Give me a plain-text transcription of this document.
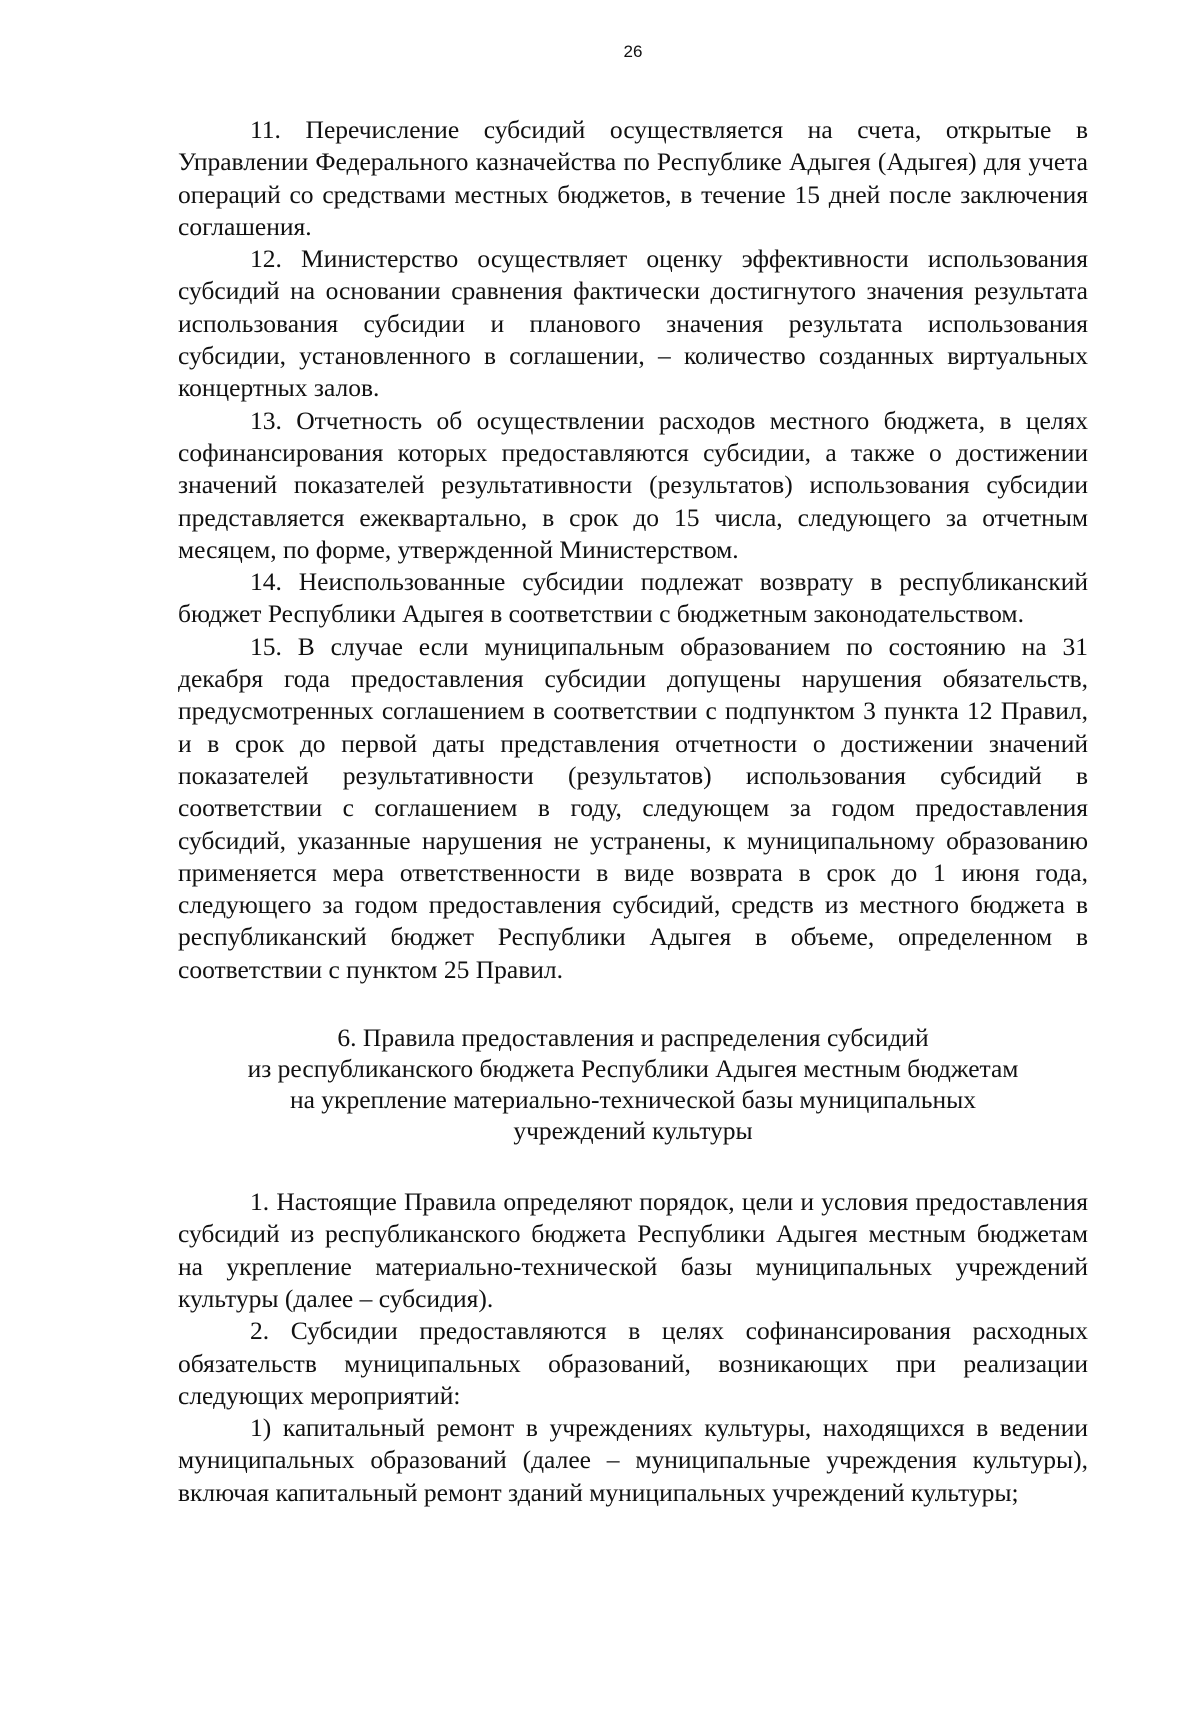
26

11. Перечисление субсидий осуществляется на счета, открытые в Управлении Федерального казначейства по Республике Адыгея (Адыгея) для учета операций со средствами местных бюджетов, в течение 15 дней после заключения соглашения.

12. Министерство осуществляет оценку эффективности использования субсидий на основании сравнения фактически достигнутого значения результата использования субсидии и планового значения результата использования субсидии, установленного в соглашении, – количество созданных виртуальных концертных залов.

13. Отчетность об осуществлении расходов местного бюджета, в целях софинансирования которых предоставляются субсидии, а также о достижении значений показателей результативности (результатов) использования субсидии представляется ежеквартально, в срок до 15 числа, следующего за отчетным месяцем, по форме, утвержденной Министерством.

14. Неиспользованные субсидии подлежат возврату в республиканский бюджет Республики Адыгея в соответствии с бюджетным законодательством.

15. В случае если муниципальным образованием по состоянию на 31 декабря года предоставления субсидии допущены нарушения обязательств, предусмотренных соглашением в соответствии с подпунктом 3 пункта 12 Правил, и в срок до первой даты представления отчетности о достижении значений показателей результативности (результатов) использования субсидий в соответствии с соглашением в году, следующем за годом предоставления субсидий, указанные нарушения не устранены, к муниципальному образованию применяется мера ответственности в виде возврата в срок до 1 июня года, следующего за годом предоставления субсидий, средств из местного бюджета в республиканский бюджет Республики Адыгея в объеме, определенном в соответствии с пунктом 25 Правил.

6. Правила предоставления и распределения субсидий
из республиканского бюджета Республики Адыгея местным бюджетам
на укрепление материально-технической базы муниципальных
учреждений культуры

1. Настоящие Правила определяют порядок, цели и условия предоставления субсидий из республиканского бюджета Республики Адыгея местным бюджетам на укрепление материально-технической базы муниципальных учреждений культуры (далее – субсидия).

2. Субсидии предоставляются в целях софинансирования расходных обязательств муниципальных образований, возникающих при реализации следующих мероприятий:

1) капитальный ремонт в учреждениях культуры, находящихся в ведении муниципальных образований (далее – муниципальные учреждения культуры), включая капитальный ремонт зданий муниципальных учреждений культуры;
